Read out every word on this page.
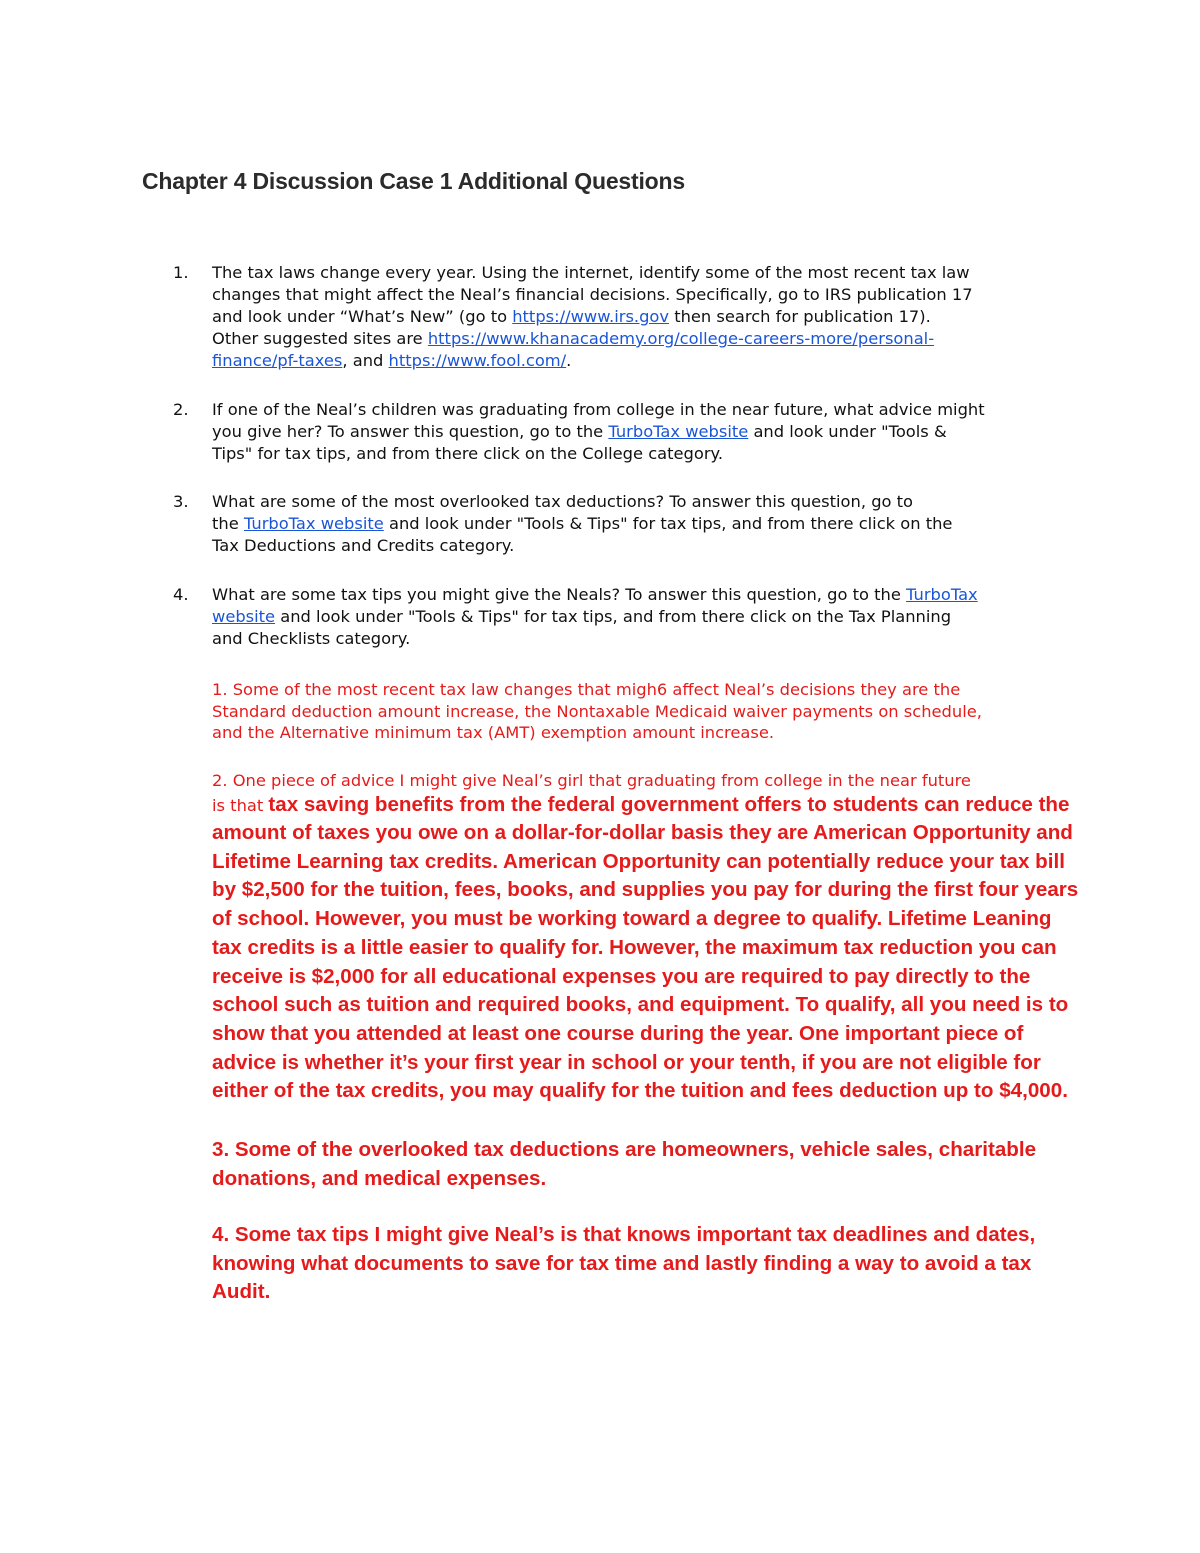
Chapter 4 Discussion Case 1 Additional Questions
1. The tax laws change every year. Using the internet, identify some of the most recent tax law
changes that might affect the Neal’s financial decisions. Specifically, go to IRS publication 17
and look under “What’s New” (go to https://www.irs.gov then search for publication 17).
Other suggested sites are https://www.khanacademy.org/college-careers-more/personal-
finance/pf-taxes, and https://www.fool.com/.
2. If one of the Neal’s children was graduating from college in the near future, what advice might
you give her? To answer this question, go to the TurboTax website and look under "Tools &
Tips" for tax tips, and from there click on the College category.
3. What are some of the most overlooked tax deductions? To answer this question, go to
the TurboTax website and look under "Tools & Tips" for tax tips, and from there click on the
Tax Deductions and Credits category.
4. What are some tax tips you might give the Neals? To answer this question, go to the TurboTax
website and look under "Tools & Tips" for tax tips, and from there click on the Tax Planning
and Checklists category.
1. Some of the most recent tax law changes that migh6 affect Neal’s decisions they are the
Standard deduction amount increase, the Nontaxable Medicaid waiver payments on schedule,
and the Alternative minimum tax (AMT) exemption amount increase.
2. One piece of advice I might give Neal’s girl that graduating from college in the near future
is that tax saving benefits from the federal government offers to students can reduce the
amount of taxes you owe on a dollar-for-dollar basis they are American Opportunity and
Lifetime Learning tax credits. American Opportunity can potentially reduce your tax bill
by $2,500 for the tuition, fees, books, and supplies you pay for during the first four years
of school. However, you must be working toward a degree to qualify. Lifetime Leaning
tax credits is a little easier to qualify for. However, the maximum tax reduction you can
receive is $2,000 for all educational expenses you are required to pay directly to the
school such as tuition and required books, and equipment. To qualify, all you need is to
show that you attended at least one course during the year. One important piece of
advice is whether it’s your first year in school or your tenth, if you are not eligible for
either of the tax credits, you may qualify for the tuition and fees deduction up to $4,000.
3. Some of the overlooked tax deductions are homeowners, vehicle sales, charitable
donations, and medical expenses.
4. Some tax tips I might give Neal’s is that knows important tax deadlines and dates,
knowing what documents to save for tax time and lastly finding a way to avoid a tax
Audit.
